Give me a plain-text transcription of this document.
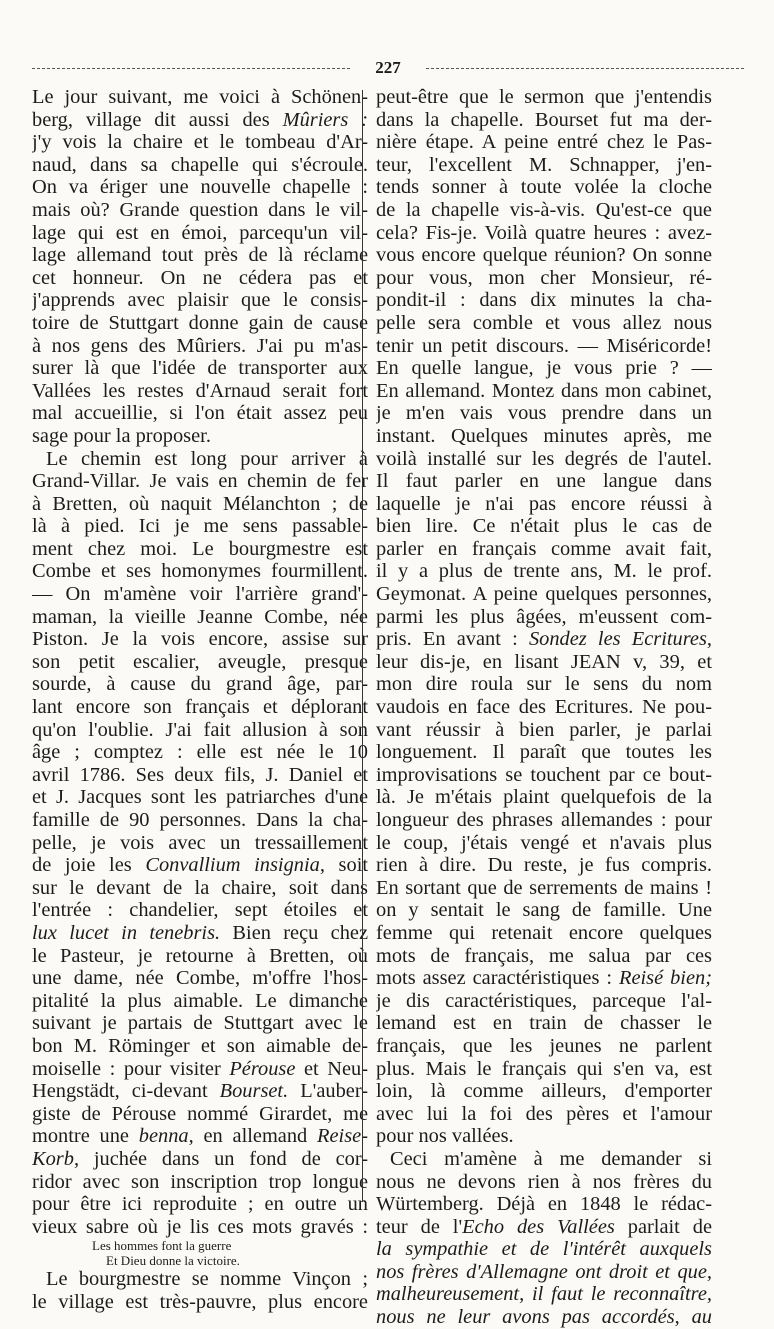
227
Le jour suivant, me voici à Schönen-
berg, village dit aussi des Mûriers :
j'y vois la chaire et le tombeau d'Ar-
naud, dans sa chapelle qui s'écroule.
On va ériger une nouvelle chapelle :
mais où? Grande question dans le vil-
lage qui est en émoi, parcequ'un vil-
lage allemand tout près de là réclame
cet honneur. On ne cédera pas et
j'apprends avec plaisir que le consis-
toire de Stuttgart donne gain de cause
à nos gens des Mûriers. J'ai pu m'as-
surer là que l'idée de transporter aux
Vallées les restes d'Arnaud serait fort
mal accueillie, si l'on était assez peu
sage pour la proposer.
Le chemin est long pour arriver à
Grand-Villar. Je vais en chemin de fer
à Bretten, où naquit Mélanchton ; de
là à pied. Ici je me sens passable-
ment chez moi. Le bourgmestre est
Combe et ses homonymes fourmillent.
— On m'amène voir l'arrière grand'-
maman, la vieille Jeanne Combe, née
Piston. Je la vois encore, assise sur
son petit escalier, aveugle, presque
sourde, à cause du grand âge, par-
lant encore son français et déplorant
qu'on l'oublie. J'ai fait allusion à son
âge ; comptez : elle est née le 10
avril 1786. Ses deux fils, J. Daniel et
et J. Jacques sont les patriarches d'une
famille de 90 personnes. Dans la cha-
pelle, je vois avec un tressaillement
de joie les Convallium insignia, soit
sur le devant de la chaire, soit dans
l'entrée : chandelier, sept étoiles et
lux lucet in tenebris. Bien reçu chez
le Pasteur, je retourne à Bretten, où
une dame, née Combe, m'offre l'hos-
pitalité la plus aimable. Le dimanche
suivant je partais de Stuttgart avec le
bon M. Röminger et son aimable de-
moiselle : pour visiter Pérouse et Neu-
Hengstädt, ci-devant Bourset. L'auber-
giste de Pérouse nommé Girardet, me
montre une benna, en allemand Reise-
Korb, juchée dans un fond de cor-
ridor avec son inscription trop longue
pour être ici reproduite ; en outre un
vieux sabre où je lis ces mots gravés :
Les hommes font la guerre
Et Dieu donne la victoire.
Le bourgmestre se nomme Vinçon ;
le village est très-pauvre, plus encore
peut-être que le sermon que j'entendis
dans la chapelle. Bourset fut ma der-
nière étape. A peine entré chez le Pas-
teur, l'excellent M. Schnapper, j'en-
tends sonner à toute volée la cloche
de la chapelle vis-à-vis. Qu'est-ce que
cela? Fis-je. Voilà quatre heures : avez-
vous encore quelque réunion? On sonne
pour vous, mon cher Monsieur, ré-
pondit-il : dans dix minutes la cha-
pelle sera comble et vous allez nous
tenir un petit discours. — Miséricorde!
En quelle langue, je vous prie ? —
En allemand. Montez dans mon cabinet,
je m'en vais vous prendre dans un
instant. Quelques minutes après, me
voilà installé sur les degrés de l'autel.
Il faut parler en une langue dans
laquelle je n'ai pas encore réussi à
bien lire. Ce n'était plus le cas de
parler en français comme avait fait,
il y a plus de trente ans, M. le prof.
Geymonat. A peine quelques personnes,
parmi les plus âgées, m'eussent com-
pris. En avant : Sondez les Ecritures,
leur dis-je, en lisant JEAN v, 39, et
mon dire roula sur le sens du nom
vaudois en face des Ecritures. Ne pou-
vant réussir à bien parler, je parlai
longuement. Il paraît que toutes les
improvisations se touchent par ce bout-
là. Je m'étais plaint quelquefois de la
longueur des phrases allemandes : pour
le coup, j'étais vengé et n'avais plus
rien à dire. Du reste, je fus compris.
En sortant que de serrements de mains !
on y sentait le sang de famille. Une
femme qui retenait encore quelques
mots de français, me salua par ces
mots assez caractéristiques : Reisé bien;
je dis caractéristiques, parceque l'al-
lemand est en train de chasser le
français, que les jeunes ne parlent
plus. Mais le français qui s'en va, est
loin, là comme ailleurs, d'emporter
avec lui la foi des pères et l'amour
pour nos vallées.
Ceci m'amène à me demander si
nous ne devons rien à nos frères du
Würtemberg. Déjà en 1848 le rédac-
teur de l'Echo des Vallées parlait de
la sympathie et de l'intérêt auxquels
nos frères d'Allemagne ont droit et que,
malheureusement, il faut le reconnaître,
nous ne leur avons pas accordés, au
